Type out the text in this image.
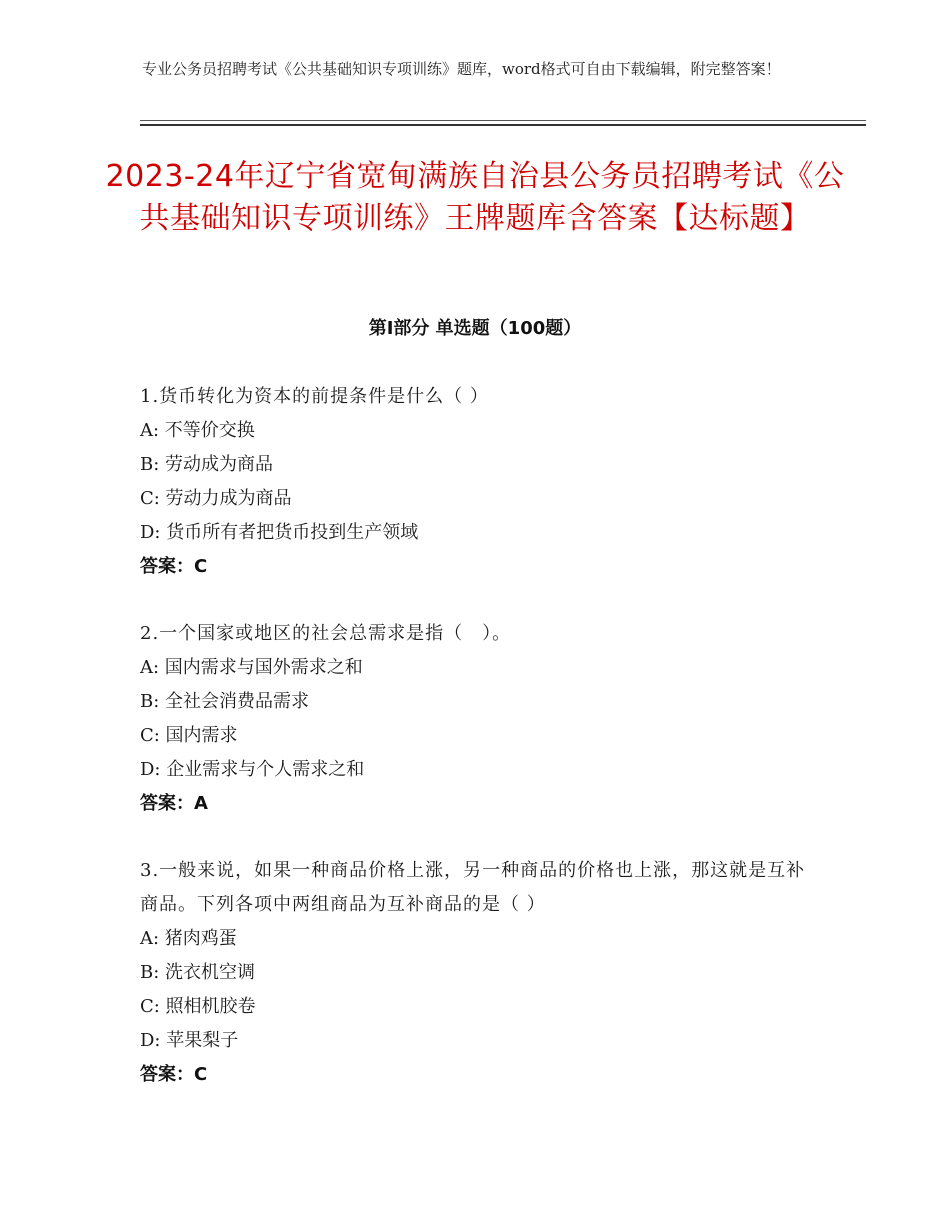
专业公务员招聘考试《公共基础知识专项训练》题库，word格式可自由下载编辑，附完整答案！
2023-24年辽宁省宽甸满族自治县公务员招聘考试《公共基础知识专项训练》王牌题库含答案【达标题】
第Ⅰ部分 单选题（100题）
1.货币转化为资本的前提条件是什么（ ）
A: 不等价交换
B: 劳动成为商品
C: 劳动力成为商品
D: 货币所有者把货币投到生产领域
答案：C
2.一个国家或地区的社会总需求是指（　）。
A: 国内需求与国外需求之和
B: 全社会消费品需求
C: 国内需求
D: 企业需求与个人需求之和
答案：A
3.一般来说，如果一种商品价格上涨，另一种商品的价格也上涨，那这就是互补商品。下列各项中两组商品为互补商品的是（ ）
A: 猪肉鸡蛋
B: 洗衣机空调
C: 照相机胶卷
D: 苹果梨子
答案：C
